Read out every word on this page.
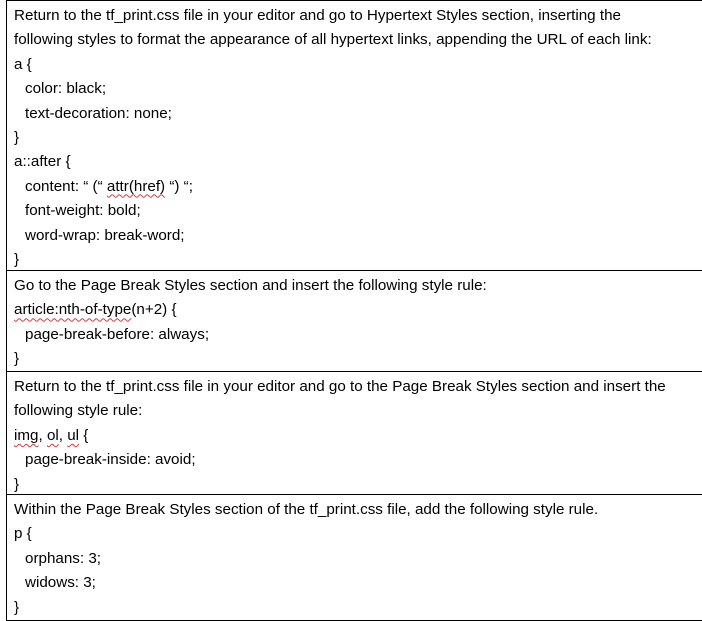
Return to the tf_print.css file in your editor and go to Hypertext Styles section, inserting the
following styles to format the appearance of all hypertext links, appending the URL of each link:
a {
color: black;
text-decoration: none;
}
a::after {
content: “ (“ attr(href) “) “;
font-weight: bold;
word-wrap: break-word;
}
Go to the Page Break Styles section and insert the following style rule:
article:nth-of-type(n+2) {
page-break-before: always;
}
Return to the tf_print.css file in your editor and go to the Page Break Styles section and insert the
following style rule:
img, ol, ul {
page-break-inside: avoid;
}
Within the Page Break Styles section of the tf_print.css file, add the following style rule.
p {
orphans: 3;
widows: 3;
}
